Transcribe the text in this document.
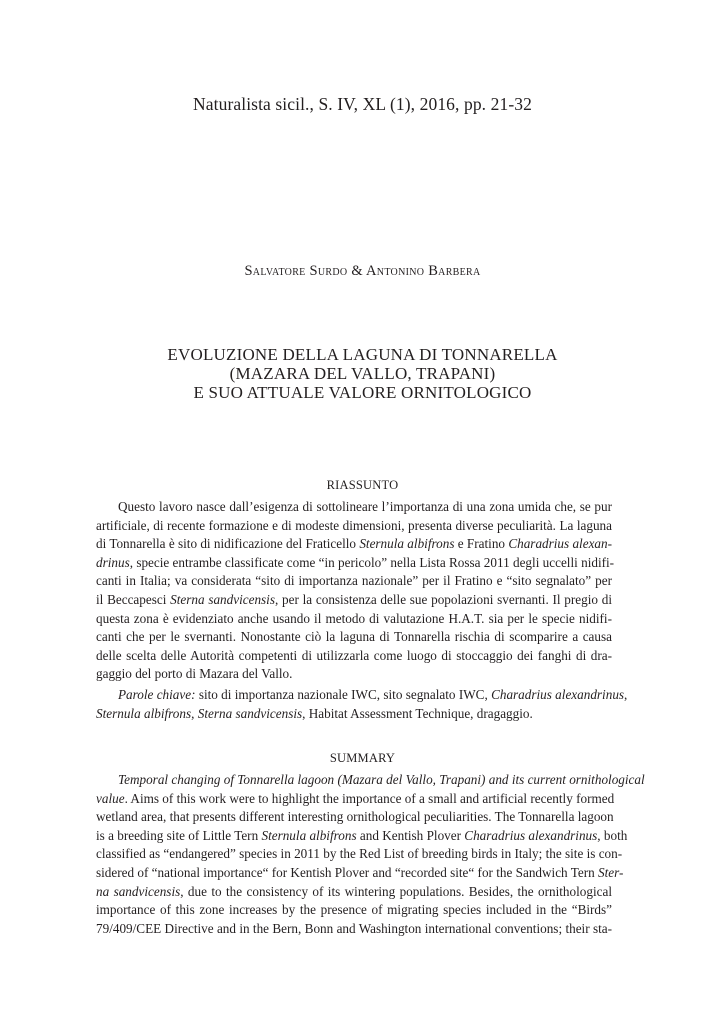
Naturalista sicil., S. IV, XL (1), 2016, pp. 21-32
Salvatore Surdo & Antonino Barbera
EVOLUZIONE DELLA LAGUNA DI TONNARELLA
(MAZARA DEL VALLO, TRAPANI)
E SUO ATTUALE VALORE ORNITOLOGICO
RIASSUNTO
Questo lavoro nasce dall’esigenza di sottolineare l’importanza di una zona umida che, se pur
artificiale, di recente formazione e di modeste dimensioni, presenta diverse peculiarità. La laguna
di Tonnarella è sito di nidificazione del Fraticello Sternula albifrons e Fratino Charadrius alexan-
drinus, specie entrambe classificate come “in pericolo” nella Lista Rossa 2011 degli uccelli nidifi-
canti in Italia; va considerata “sito di importanza nazionale” per il Fratino e “sito segnalato” per
il Beccapesci Sterna sandvicensis, per la consistenza delle sue popolazioni svernanti. Il pregio di
questa zona è evidenziato anche usando il metodo di valutazione H.A.T. sia per le specie nidifi-
canti che per le svernanti. Nonostante ciò la laguna di Tonnarella rischia di scomparire a causa
delle scelta delle Autorità competenti di utilizzarla come luogo di stoccaggio dei fanghi di dra-
gaggio del porto di Mazara del Vallo.
Parole chiave: sito di importanza nazionale IWC, sito segnalato IWC, Charadrius alexandrinus,
Sternula albifrons, Sterna sandvicensis, Habitat Assessment Technique, dragaggio.
SUMMARY
Temporal changing of Tonnarella lagoon (Mazara del Vallo, Trapani) and its current ornithological
value. Aims of this work were to highlight the importance of a small and artificial recently formed
wetland area, that presents different interesting ornithological peculiarities. The Tonnarella lagoon
is a breeding site of Little Tern Sternula albifrons and Kentish Plover Charadrius alexandrinus, both
classified as “endangered” species in 2011 by the Red List of breeding birds in Italy; the site is con-
sidered of “national importance“ for Kentish Plover and “recorded site“ for the Sandwich Tern Ster-
na sandvicensis, due to the consistency of its wintering populations. Besides, the ornithological
importance of this zone increases by the presence of migrating species included in the “Birds”
79/409/CEE Directive and in the Bern, Bonn and Washington international conventions; their sta-
